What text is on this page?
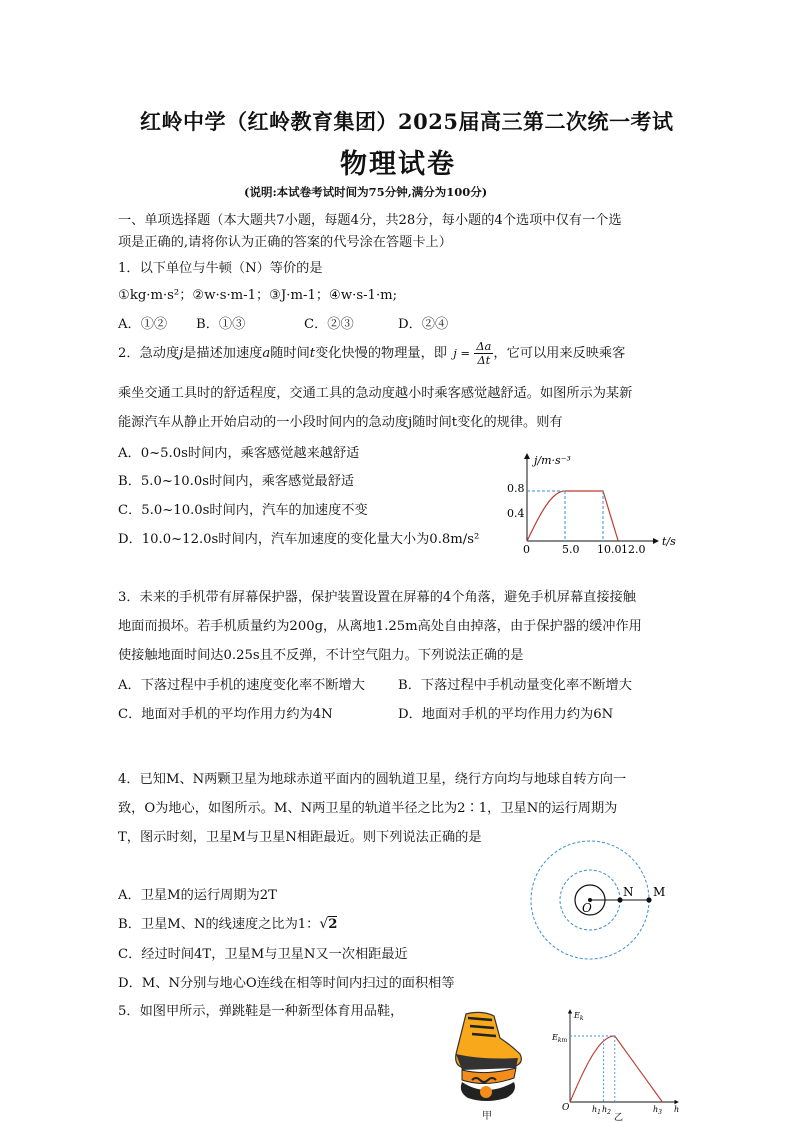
红岭中学（红岭教育集团）2025届高三第二次统一考试
物理试卷
(说明:本试卷考试时间为75分钟,满分为100分)
一、单项选择题（本大题共7小题，每题4分，共28分，每小题的4个选项中仅有一个选
项是正确的,请将你认为正确的答案的代号涂在答题卡上）
1．以下单位与牛顿（N）等价的是
①kg·m·s²；②w·s·m-1；③J·m-1；④w·s-1·m;
A．①② B．①③	C．②③	D．②④
2．急动度j是描述加速度a随时间t变化快慢的物理量，即 $j = \frac{\Delta a}{\Delta t}$ ，它可以用来反映乘客
乘坐交通工具时的舒适程度，交通工具的急动度越小时乘客感觉越舒适。如图所示为某新
能源汽车从静止开始启动的一小段时间内的急动度j随时间t变化的规律。则有
A．0~5.0s时间内，乘客感觉越来越舒适
B．5.0~10.0s时间内，乘客感觉最舒适
C．5.0~10.0s时间内，汽车的加速度不变
D．10.0~12.0s时间内，汽车加速度的变化量大小为0.8m/s²
j/m·s⁻³
t/s
0.8
0.4
0	5.0 10.0 12.0
3．未来的手机带有屏幕保护器，保护装置设置在屏幕的4个角落，避免手机屏幕直接接触
地面而损坏。若手机质量约为200g，从离地1.25m高处自由掉落，由于保护器的缓冲作用
使接触地面时间达0.25s且不反弹，不计空气阻力。下列说法正确的是
A．下落过程中手机的速度变化率不断增大	B．下落过程中手机动量变化率不断增大
C．地面对手机的平均作用力约为4N	D．地面对手机的平均作用力约为6N
4．已知M、N两颗卫星为地球赤道平面内的圆轨道卫星，绕行方向均与地球自转方向一
致，O为地心，如图所示。M、N两卫星的轨道半径之比为2∶1，卫星N的运行周期为
T，图示时刻，卫星M与卫星N相距最近。则下列说法正确的是
A．卫星M的运行周期为2T
B．卫星M、N的线速度之比为1：√2
C．经过时间4T，卫星M与卫星N又一次相距最近
D．M、N分别与地心O连线在相等时间内扫过的面积相等
O
N M
5．如图甲所示，弹跳鞋是一种新型体育用品鞋，
甲
$E_k$
$E_{km}$
O	$h_1$ $h_2$	$h_3$ h
乙
